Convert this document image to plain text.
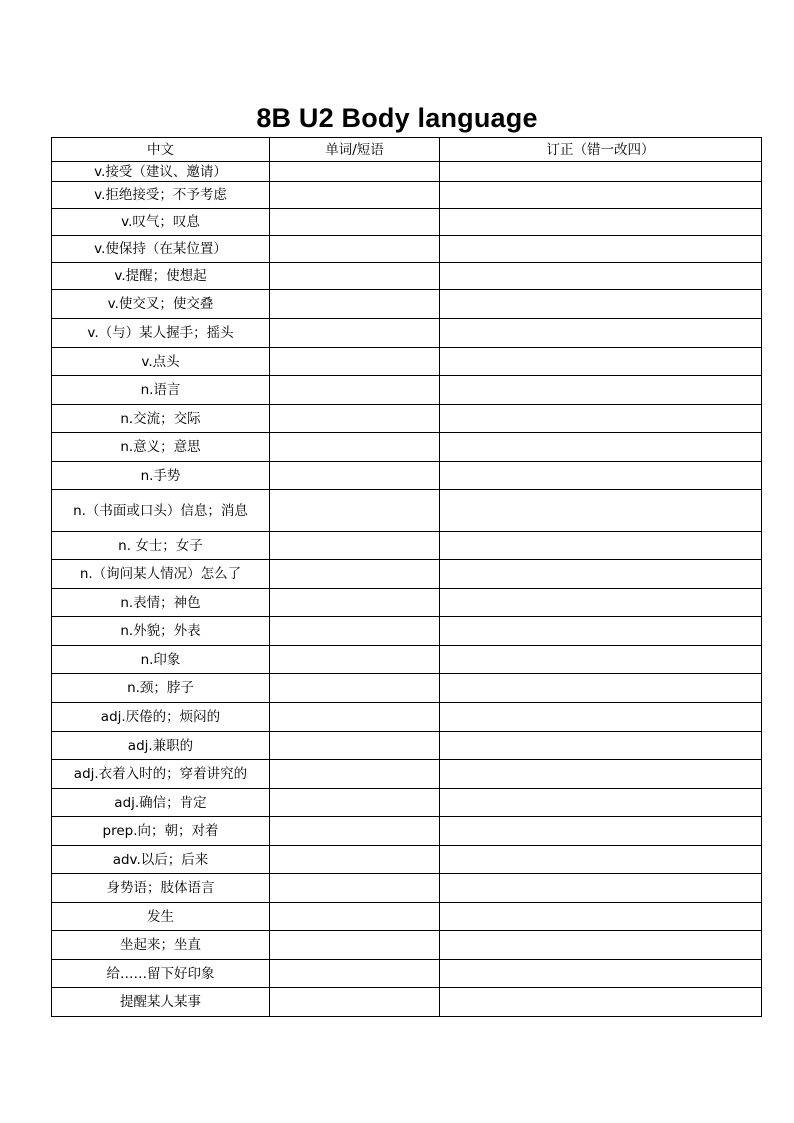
8B U2 Body language
中文	单词/短语	订正（错一改四）
v.接受（建议、邀请）		
v.拒绝接受；不予考虑		
v.叹气；叹息		
v.使保持（在某位置）		
v.提醒；使想起		
v.使交叉；使交叠		
v.（与）某人握手；摇头		
v.点头		
n.语言		
n.交流；交际		
n.意义；意思		
n.手势		
n.（书面或口头）信息；消息		
n. 女士；女子		
n.（询问某人情况）怎么了		
n.表情；神色		
n.外貌；外表		
n.印象		
n.颈；脖子		
adj.厌倦的；烦闷的		
adj.兼职的		
adj.衣着入时的；穿着讲究的		
adj.确信；肯定		
prep.向；朝；对着		
adv.以后；后来		
身势语；肢体语言		
发生		
坐起来；坐直		
给……留下好印象		
提醒某人某事		
